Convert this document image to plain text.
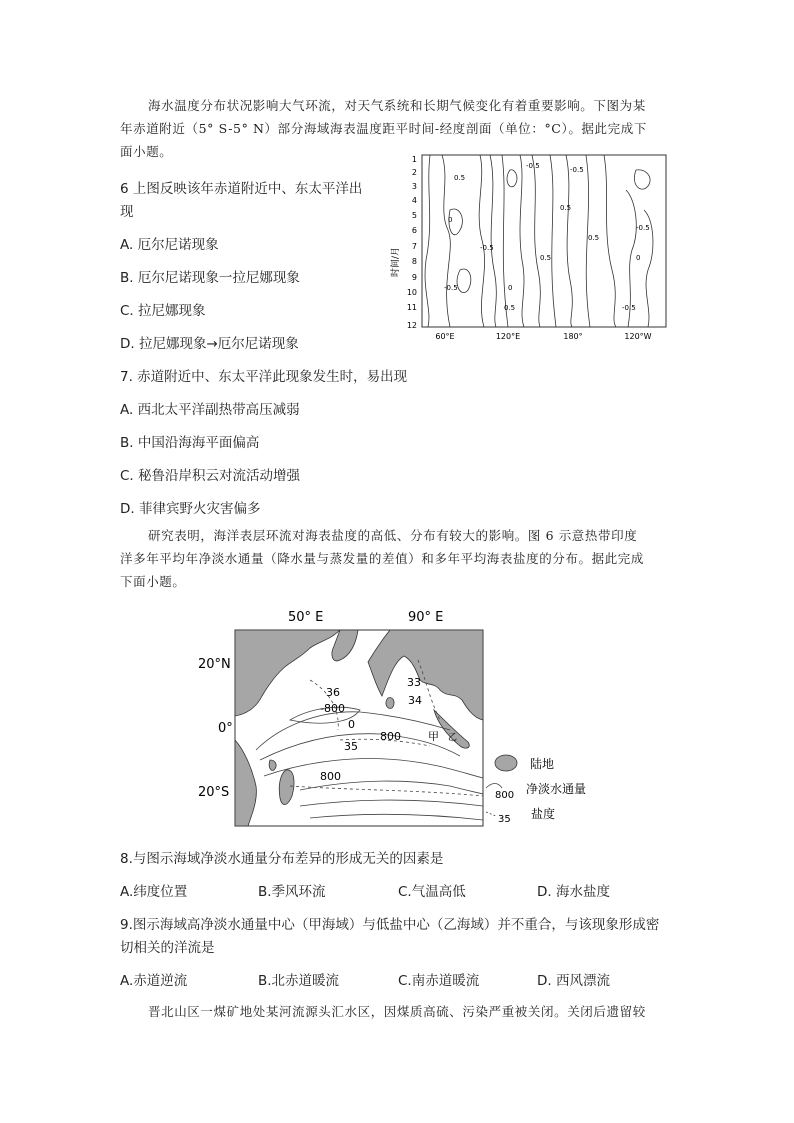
海水温度分布状况影响大气环流，对天气系统和长期气候变化有着重要影响。下图为某
年赤道附近（5° S-5° N）部分海域海表温度距平时间-经度剖面（单位：°C）。据此完成下
面小题。
6 上图反映该年赤道附近中、东太平洋出
现
A. 厄尔尼诺现象
B. 厄尔尼诺现象一拉尼娜现象
C. 拉尼娜现象
D. 拉尼娜现象→厄尔尼诺现象
时间/月
1
2
3
4
5
6
7
8
9
10
11
12
0.5
-0.5	-0.5
0
0
0.5
-0.5
0.5
0.5
-0.5
0
-0.5
0.5
-0.5
60°E	120°E	180°	120°W
7. 赤道附近中、东太平洋此现象发生时，易出现
A. 西北太平洋副热带高压减弱
B. 中国沿海海平面偏高
C. 秘鲁沿岸积云对流活动增强
D. 菲律宾野火灾害偏多
研究表明，海洋表层环流对海表盐度的高低、分布有较大的影响。图 6 示意热带印度
洋多年平均年净淡水通量（降水量与蒸发量的差值）和多年平均海表盐度的分布。据此完成
下面小题。
50° E	90° E
20°N
0°
20°S
36
-800
0
35
800
33
34
800
甲 乙
陆地
800 净淡水通量
35 盐度
8.与图示海域净淡水通量分布差异的形成无关的因素是
A.纬度位置	B.季风环流	C.气温高低	D. 海水盐度
9.图示海域高净淡水通量中心（甲海域）与低盐中心（乙海域）并不重合，与该现象形成密
切相关的洋流是
A.赤道逆流	B.北赤道暖流	C.南赤道暖流	D. 西风漂流
晋北山区一煤矿地处某河流源头汇水区，因煤质高硫、污染严重被关闭。关闭后遗留较
